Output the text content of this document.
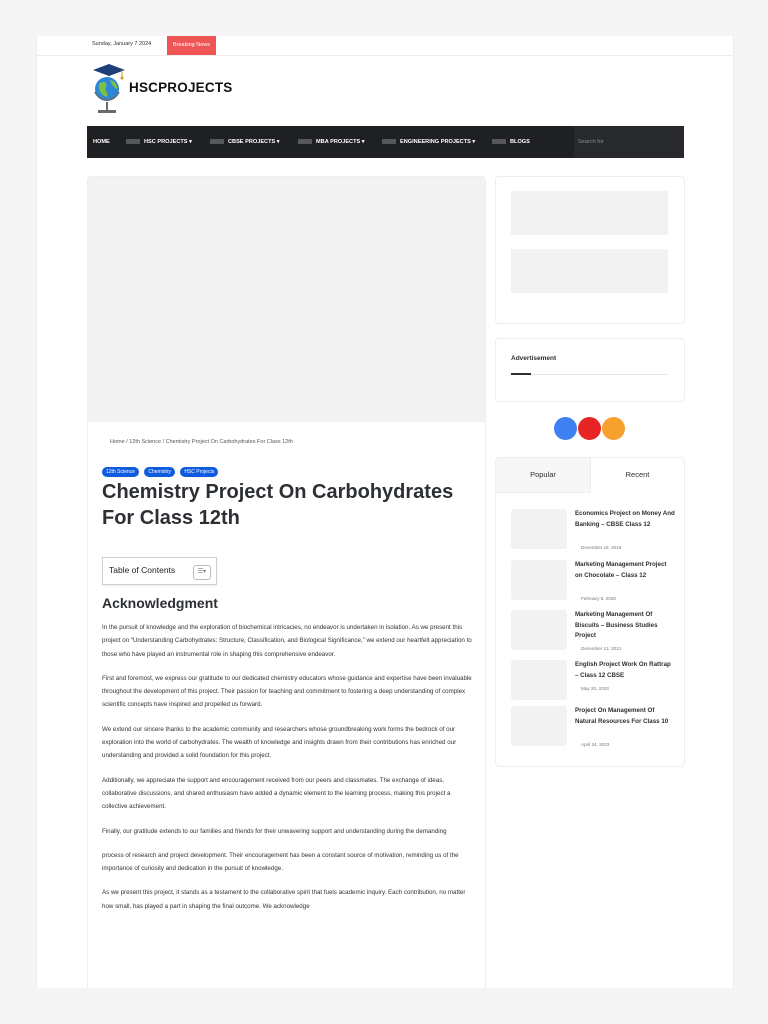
Sunday, January 7 2024	Breaking News
HSCPROJECTS
HOME	HSC PROJECTS ▾	CBSE PROJECTS ▾	MBA PROJECTS ▾	ENGINEERING PROJECTS ▾	BLOGS
Search for
Home / 12th Science / Chemistry Project On Carbohydrates For Class 12th
12th Science	Chemistry	HSC Projects
Chemistry Project On Carbohydrates For Class 12th
Table of Contents	☰▾
Acknowledgment

In the pursuit of knowledge and the exploration of biochemical intricacies, no endeavor is undertaken in isolation. As we present this project on “Understanding Carbohydrates: Structure, Classification, and Biological Significance,” we extend our heartfelt appreciation to those who have played an instrumental role in shaping this comprehensive endeavor.

First and foremost, we express our gratitude to our dedicated chemistry educators whose guidance and expertise have been invaluable throughout the development of this project. Their passion for teaching and commitment to fostering a deep understanding of complex scientific concepts have inspired and propelled us forward.

We extend our sincere thanks to the academic community and researchers whose groundbreaking work forms the bedrock of our exploration into the world of carbohydrates. The wealth of knowledge and insights drawn from their contributions has enriched our understanding and provided a solid foundation for this project.

Additionally, we appreciate the support and encouragement received from our peers and classmates. The exchange of ideas, collaborative discussions, and shared enthusiasm have added a dynamic element to the learning process, making this project a collective achievement.

Finally, our gratitude extends to our families and friends for their unwavering support and understanding during the demanding

process of research and project development. Their encouragement has been a constant source of motivation, reminding us of the importance of curiosity and dedication in the pursuit of knowledge.

As we present this project, it stands as a testament to the collaborative spirit that fuels academic inquiry. Each contribution, no matter how small, has played a part in shaping the final outcome. We acknowledge

Advertisement
Popular	Recent
Economics Project on Money And Banking – CBSE Class 12
December 18, 2019
Marketing Management Project on Chocolate – Class 12
February 8, 2020
Marketing Management Of Biscuits – Business Studies Project
December 13, 2021
English Project Work On Rattrap – Class 12 CBSE
May 20, 2023
Project On Management Of Natural Resources For Class 10
April 24, 2023
